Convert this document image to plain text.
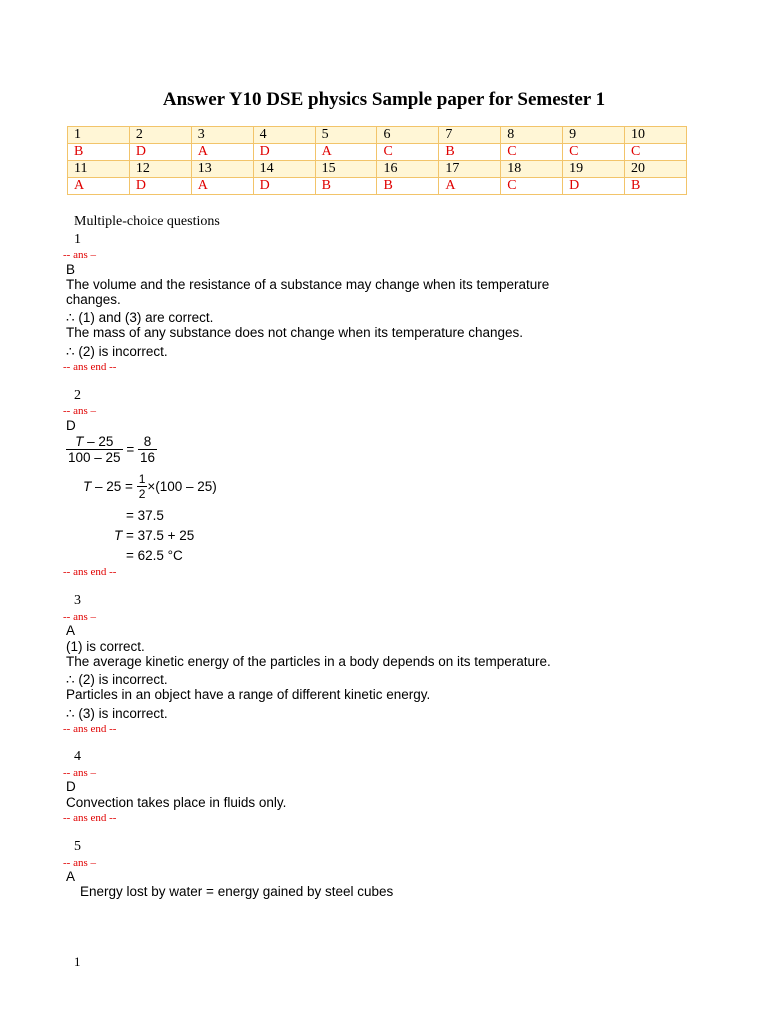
Answer Y10 DSE physics Sample paper for Semester 1
1	2	3	4	5	6	7	8	9	10
B	D	A	D	A	C	B	C	C	C
11	12	13	14	15	16	17	18	19	20
A	D	A	D	B	B	A	C	D	B
Multiple-choice questions
1
-- ans –
B
The volume and the resistance of a substance may change when its temperature
changes.
∴ (1) and (3) are correct.
The mass of any substance does not change when its temperature changes.
∴ (2) is incorrect.
-- ans end --
2
-- ans –
D
$\frac{T - 25}{100 - 25} = \frac{8}{16}$
$T - 25 = \frac{1}{2} \times(100 - 25)$
= 37.5
T = 37.5 + 25
= 62.5 °C
-- ans end --
3
-- ans –
A
(1) is correct.
The average kinetic energy of the particles in a body depends on its temperature.
∴ (2) is incorrect.
Particles in an object have a range of different kinetic energy.
∴ (3) is incorrect.
-- ans end --
4
-- ans –
D
Convection takes place in fluids only.
-- ans end --
5
-- ans –
A
Energy lost by water = energy gained by steel cubes
1
